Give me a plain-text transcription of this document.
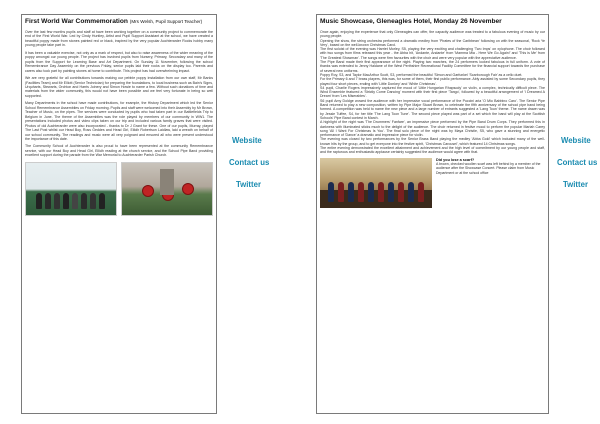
First World War Commemoration (Mrs Welsh, Pupil Support Teacher)

Over the last few months pupils and staff at have been working together on a community project to commemorate the end of the First World War. Led by Cindy Huntley, Artist and Pupil Support Assistant at the school, we have created a beautiful poppy made from stones painted red or black, inspired by the very popular Auchterarder Rocks hobby many young people take part in.

It has been a valuable exercise, not only as a mark of respect, but also to raise awareness of the wider meaning of the poppy amongst our young people. The project has involved pupils from Nursery, Primary, Secondary and many of the pupils from the Support for Learning Base and Art Department. On Sunday 11 November, following the school Remembrance Day Assembly on the previous Friday, senior pupils laid their rocks on the display too. Parents and carers also took part by painting stones at home to contribute. This project has had overwhelming impact.

We are very grateful for all contributions towards making our pebble poppy installation from our own staff, Mr Banks (Facilities Team) and Mr Elliott (Senior Technician) for preparing the foundations, to local business such as Bain's Signs, Urquharts, Stewarts, Orchton and Harris Joinery and Simon Howie to name a few. Without such donations of time and materials from the wider community, this would not have been possible and we feel very fortunate in being so well supported.

Many Departments in the school have made contributions, for example, the History Department which led the Senior School Remembrance Assemblies on Friday morning. Pupils and staff were welcomed into their Assembly by Mr Brown, Teacher of Music, on the pipes. The services were conducted by pupils who had taken part in our Battlefields Trip to Belgium in June. The theme of the Assemblies was the role played by members of our community in WW1. The presentations included photos and video clips taken on our trip and included various family graves that were visited. Photos of old Auchterarder were also incorporated - thanks to Dr J Grant for these. One of our pupils, Murray, played The Last Post whilst our Head Boy, Ross Geddes and Head Girl, Eilidh Robertson Laidlaw, laid a wreath on behalf of our school community. The readings and music were all very poignant and ensured all who were present understood the importance of this date.

The Community School of Auchterarder is also proud to have been represented at the community Remembrance service, with our Head Boy and Head Girl, Eilidh reading at the church service, and the School Pipe Band providing excellent support during the parade from the War Memorial to Auchterarder Parish Church.

Website
Contact us
Twitter
Music Showcase, Gleneagles Hotel, Monday 26 November

Once again, enjoying the experience that only Gleneagles can offer, the capacity audience was treated to a fabulous evening of music by our young people.

Opening the show, the string orchestra performed a dramatic medley from 'Pirates of the Caribbean' following on with the seasonal, 'Rock Ye Very', based on the well-known Christmas Carol.

The first soloist of the evening was Harriet Morley, S5, playing the very exciting and challenging 'Two Imps' on xylophone. The choir followed with two songs from films released this year - the Abba hit, 'Andante, Andante' from 'Mamma Mia - Here We Go Again!' and 'This is Me' from 'The Greatest Showman'. The songs were firm favourites with the choir and were very popular with the appreciative audience.

The Pipe Band made their first appearance of the night. Playing two marches, the 24 performers looked fabulous in full uniform. A vote of thanks was extended to Jenny Haldane of the West Perthshire Recreational Facility Committee for the financial support towards the purchase of several new uniforms.

Poppy Roy, S3, and Taylor MacArthur Scott, S3, performed the beautiful 'Simon and Garfunkel 'Scarborough Fair' as a cello duet.

For the Primary 6 and 7 brass players, this was, for some of them, their first public performance. Ably assisted by some Secondary pupils, they played four short pieces, ending with 'Little Donkey' and 'White Christmas'.

S4 pupil, Charlie Rogers impressively captured the mood of 'Little Hungarian Rhapsody' on violin, a complex, technically difficult piece. The Wind Ensemble featured a 'Strictly Come Dancing' moment with their first piece 'Tango', followed by a beautiful arrangement of 'I Dreamed A Dream' from 'Les Miserables'.

S6 pupil Amy Doldge wowed the audience with her impressive vocal performance of the Puccini aria 'O Mio Babbino Caro'. The Senior Pipe Band returned to play a new composition, written by Pipe Major Stuart Brown, to celebrate the fifth anniversary of the school pipe band being formed. A competition was held to name the new piece and a large number of entrants suggested a 'Lang Toun' theme. The name drawn was by Jessie Tuffee, S4, for her title 'The Lang Toon Tune'. The second piece played was part of a set which the band will play at the Scottish Schools' Pipe Band contest in March.

A highlight of the night was 'The Drummers' Fanfare', an impressive piece performed by the Pipe Band Drum Corps. They performed this in darkness with illuminated sticks much to the delight of the audience. The choir returned in festive mood to perform the popular Mariah Carey song 'All I Want For Christmas Is You'. The final solo piece of the night was by Maya Christie, S5, who gave a stunning and energetic performance of 'Dance' a dramatic and impressive piece for violin.

The evening was closed by two performances by the Senior Brass Band playing the medley 'Abba Gold' which included many of the well-known hits by the group, and to get everyone into the festive spirit, 'Christmas Carousel', which featured 14 Christmas songs.

The entire evening demonstrated the excellent attainment and achievement and the high level of commitment by our young people and staff, and the rapturous and enthusiastic applause certainly suggested the audience would agree with that.

Did you lose a scarf?
A brown, checked woollen scarf was left behind by a member of the audience after the Showcase Concert. Please claim from Music Department or at the school office
Website
Contact us
Twitter
